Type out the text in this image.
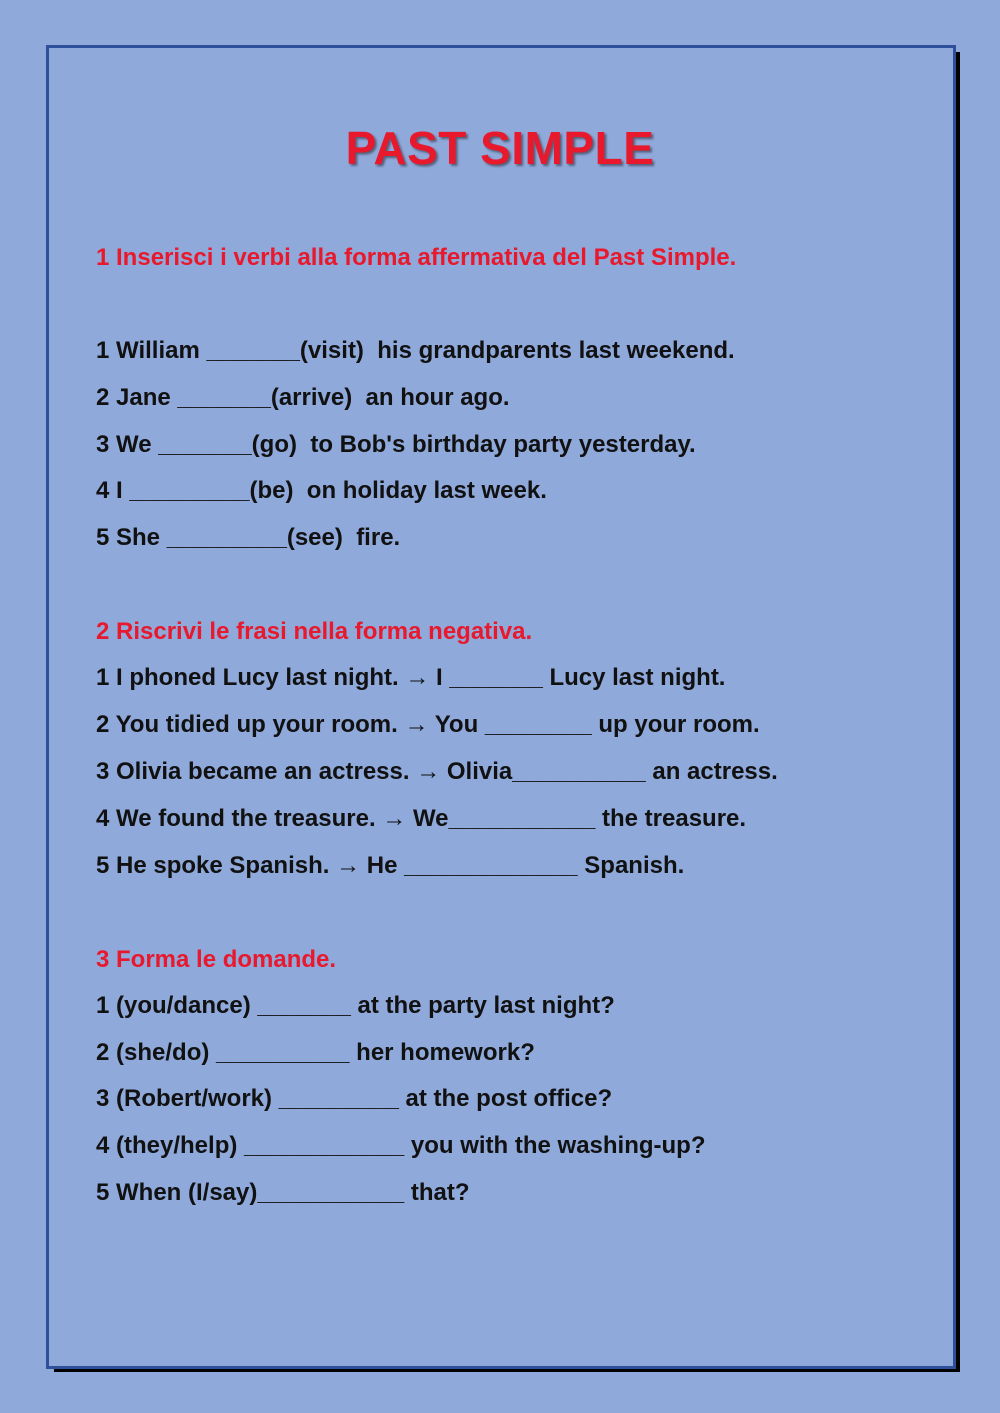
PAST SIMPLE

1 Inserisci i verbi alla forma affermativa del Past Simple.

1 William _______(visit)  his grandparents last weekend.

2 Jane _______(arrive)  an hour ago.

3 We _______(go)  to Bob's birthday party yesterday.

4 I _________(be)  on holiday last week.

5 She _________(see)  fire.

2 Riscrivi le frasi nella forma negativa.

1 I phoned Lucy last night. → I _______ Lucy last night.

2 You tidied up your room. → You ________ up your room.

3 Olivia became an actress. → Olivia__________ an actress.

4 We found the treasure. → We___________ the treasure.

5 He spoke Spanish. → He _____________ Spanish.

3 Forma le domande.

1 (you/dance) _______ at the party last night?

2 (she/do) __________ her homework?

3 (Robert/work) _________ at the post office?

4 (they/help) ____________ you with the washing-up?

5 When (I/say)___________ that?
